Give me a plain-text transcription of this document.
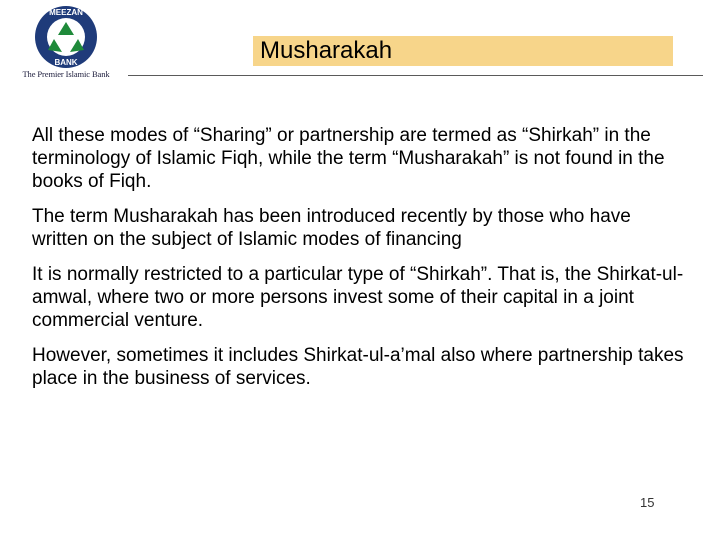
MEEZAN
BANK
The Premier Islamic Bank
Musharakah

All these modes of “Sharing” or partnership are termed as “Shirkah” in the terminology of Islamic Fiqh, while the term “Musharakah” is not found in the books of Fiqh.

The term Musharakah has been introduced recently by those who have written on the subject of Islamic modes of financing

It is normally restricted to a particular type of “Shirkah”. That is, the Shirkat-ul-amwal, where two or more persons invest some of their capital in a joint commercial venture.

However, sometimes it includes Shirkat-ul-a’mal also where partnership takes place in the business of services.

15
